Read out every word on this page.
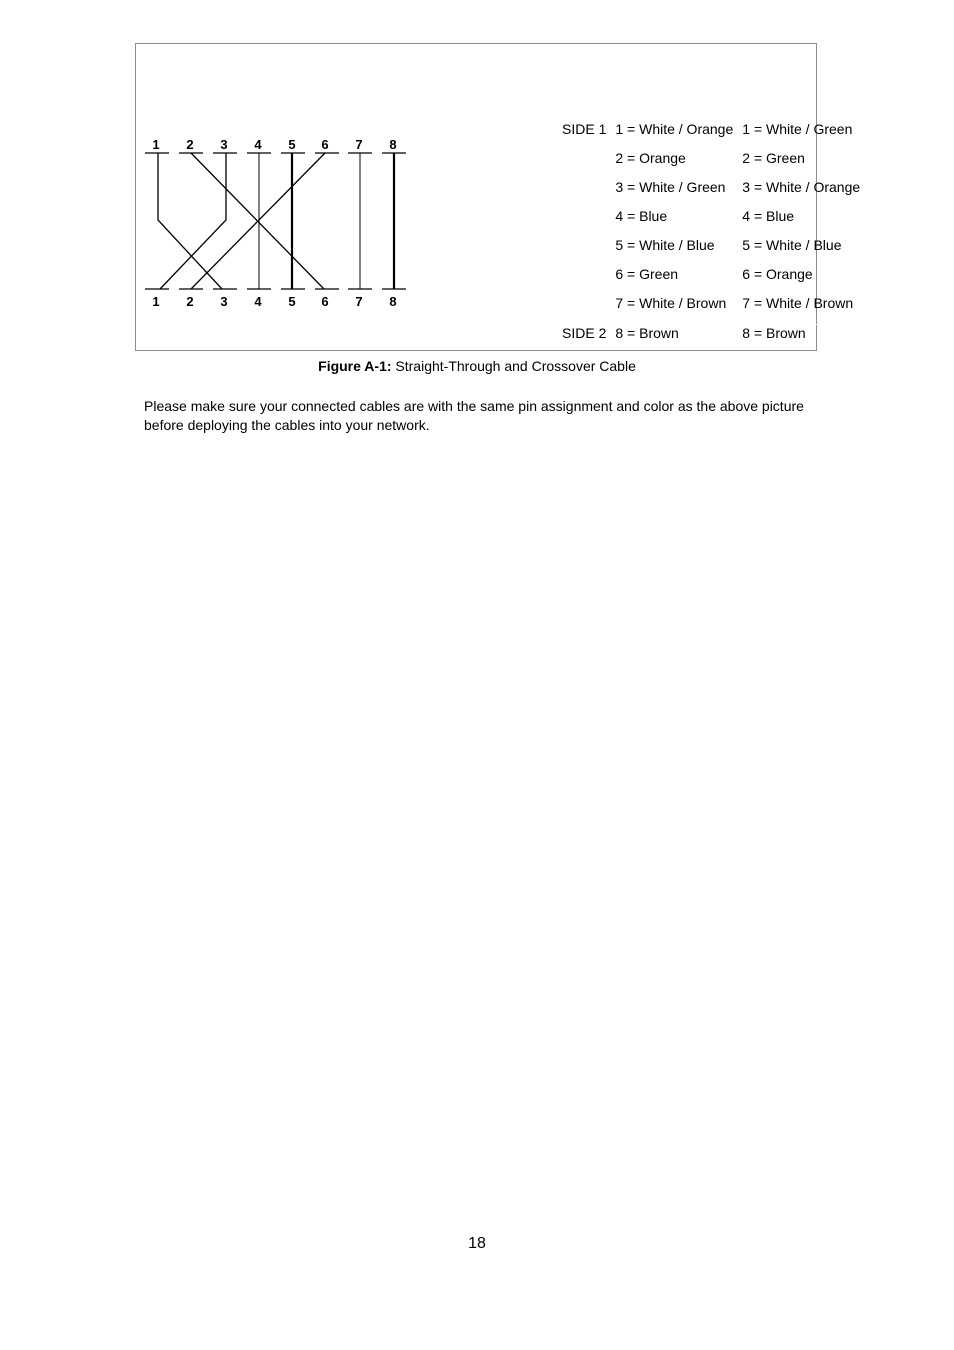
1 2 3 4 5 6 7 8
1 2 3 4 5 6 7 8
SIDE 1	1 = White / Orange	1 = White / Green
	2 = Orange	2 = Green
	3 = White / Green	3 = White / Orange
	4 = Blue	4 = Blue
	5 = White / Blue	5 = White / Blue
	6 = Green	6 = Orange
	7 = White / Brown	7 = White / Brown
SIDE 2	8 = Brown	8 = Brown
Figure A-1: Straight-Through and Crossover Cable
Please make sure your connected cables are with the same pin assignment and color as the above picture before deploying the cables into your network.
18
